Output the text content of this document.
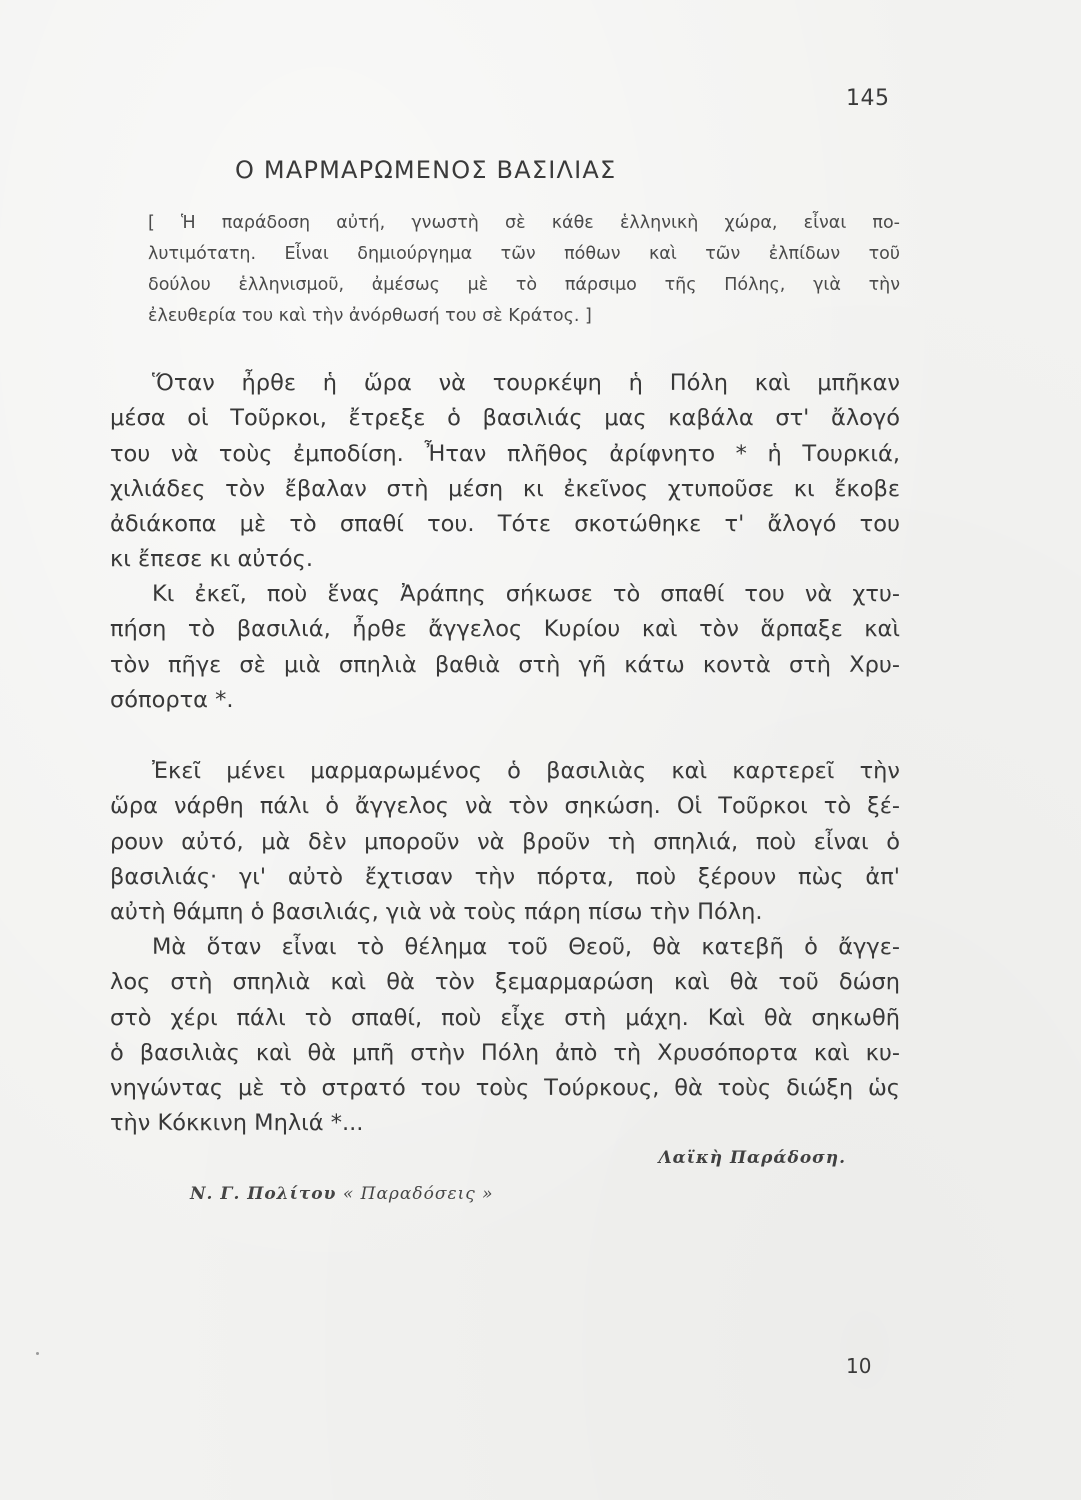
145
Ο ΜΑΡΜΑΡΩΜΕΝΟΣ ΒΑΣΙΛΙΑΣ
[ Ἡ παράδοση αὐτή, γνωστὴ σὲ κάθε ἑλληνικὴ χώρα, εἶναι πο-
λυτιμότατη. Εἶναι δημιούργημα τῶν πόθων καὶ τῶν ἐλπίδων τοῦ
δούλου ἑλληνισμοῦ, ἀμέσως μὲ τὸ πάρσιμο τῆς Πόλης, γιὰ τὴν
ἐλευθερία του καὶ τὴν ἀνόρθωσή του σὲ Κράτος. ]
Ὅταν ἦρθε ἡ ὥρα νὰ τουρκέψη ἡ Πόλη καὶ μπῆκαν
μέσα οἱ Τοῦρκοι, ἔτρεξε ὁ βασιλιάς μας καβάλα στ' ἄλογό
του νὰ τοὺς ἐμποδίση. Ἦταν πλῆθος ἀρίφνητο * ἡ Τουρκιά,
χιλιάδες τὸν ἔβαλαν στὴ μέση κι ἐκεῖνος χτυποῦσε κι ἔκοβε
ἀδιάκοπα μὲ τὸ σπαθί του. Τότε σκοτώθηκε τ' ἄλογό του
κι ἔπεσε κι αὐτός.
Κι ἐκεῖ, ποὺ ἕνας Ἀράπης σήκωσε τὸ σπαθί του νὰ χτυ-
πήση τὸ βασιλιά, ἦρθε ἄγγελος Κυρίου καὶ τὸν ἅρπαξε καὶ
τὸν πῆγε σὲ μιὰ σπηλιὰ βαθιὰ στὴ γῆ κάτω κοντὰ στὴ Χρυ-
σόπορτα *.
Ἐκεῖ μένει μαρμαρωμένος ὁ βασιλιὰς καὶ καρτερεῖ τὴν
ὥρα νάρθη πάλι ὁ ἄγγελος νὰ τὸν σηκώση. Οἱ Τοῦρκοι τὸ ξέ-
ρουν αὐτό, μὰ δὲν μποροῦν νὰ βροῦν τὴ σπηλιά, ποὺ εἶναι ὁ
βασιλιάς· γι' αὐτὸ ἔχτισαν τὴν πόρτα, ποὺ ξέρουν πὼς ἀπ'
αὐτὴ θάμπη ὁ βασιλιάς, γιὰ νὰ τοὺς πάρη πίσω τὴν Πόλη.
Μὰ ὅταν εἶναι τὸ θέλημα τοῦ Θεοῦ, θὰ κατεβῆ ὁ ἄγγε-
λος στὴ σπηλιὰ καὶ θὰ τὸν ξεμαρμαρώση καὶ θὰ τοῦ δώση
στὸ χέρι πάλι τὸ σπαθί, ποὺ εἶχε στὴ μάχη. Καὶ θὰ σηκωθῆ
ὁ βασιλιὰς καὶ θὰ μπῆ στὴν Πόλη ἀπὸ τὴ Χρυσόπορτα καὶ κυ-
νηγώντας μὲ τὸ στρατό του τοὺς Τούρκους, θὰ τοὺς διώξη ὡς
τὴν Κόκκινη Μηλιά *...
Λαϊκὴ Παράδοση.
Ν. Γ. Πολίτου « Παραδόσεις »
10
